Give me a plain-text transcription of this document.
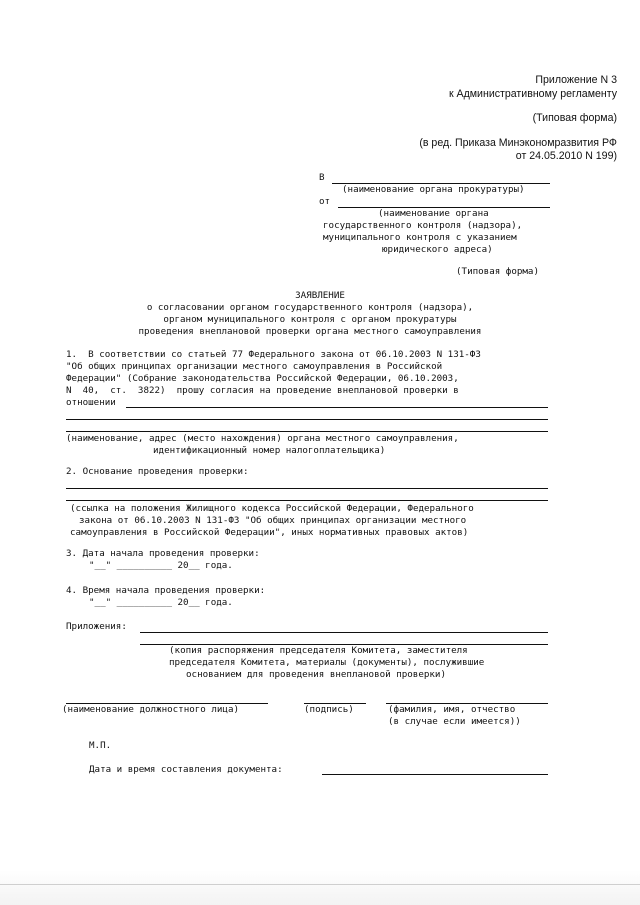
Приложение N 3
к Административному регламенту
(Типовая форма)
(в ред. Приказа Минэкономразвития РФ
от 24.05.2010 N 199)
В
(наименование органа прокуратуры)
от
(наименование органа
государственного контроля (надзора),
муниципального контроля с указанием
юридического адреса)
(Типовая форма)
ЗАЯВЛЕНИЕ
о согласовании органом государственного контроля (надзора),
органом муниципального контроля с органом прокуратуры
проведения внеплановой проверки органа местного самоуправления
1.  В соответствии со статьей 77 Федерального закона от 06.10.2003 N 131-ФЗ
"Об общих принципах организации местного самоуправления в Российской
Федерации" (Собрание законодательства Российской Федерации, 06.10.2003,
N  40,  ст.  3822)  прошу согласия на проведение внеплановой проверки в
отношении
(наименование, адрес (место нахождения) органа местного самоуправления,
идентификационный номер налогоплательщика)
2. Основание проведения проверки:
(ссылка на положения Жилищного кодекса Российской Федерации, Федерального
закона от 06.10.2003 N 131-ФЗ "Об общих принципах организации местного
самоуправления в Российской Федерации", иных нормативных правовых актов)
3. Дата начала проведения проверки:
"__" __________ 20__ года.
4. Время начала проведения проверки:
"__" __________ 20__ года.
Приложения:
(копия распоряжения председателя Комитета, заместителя
председателя Комитета, материалы (документы), послужившие
основанием для проведения внеплановой проверки)
(наименование должностного лица)	(подпись)	(фамилия, имя, отчество
(в случае если имеется))
М.П.
Дата и время составления документа:
